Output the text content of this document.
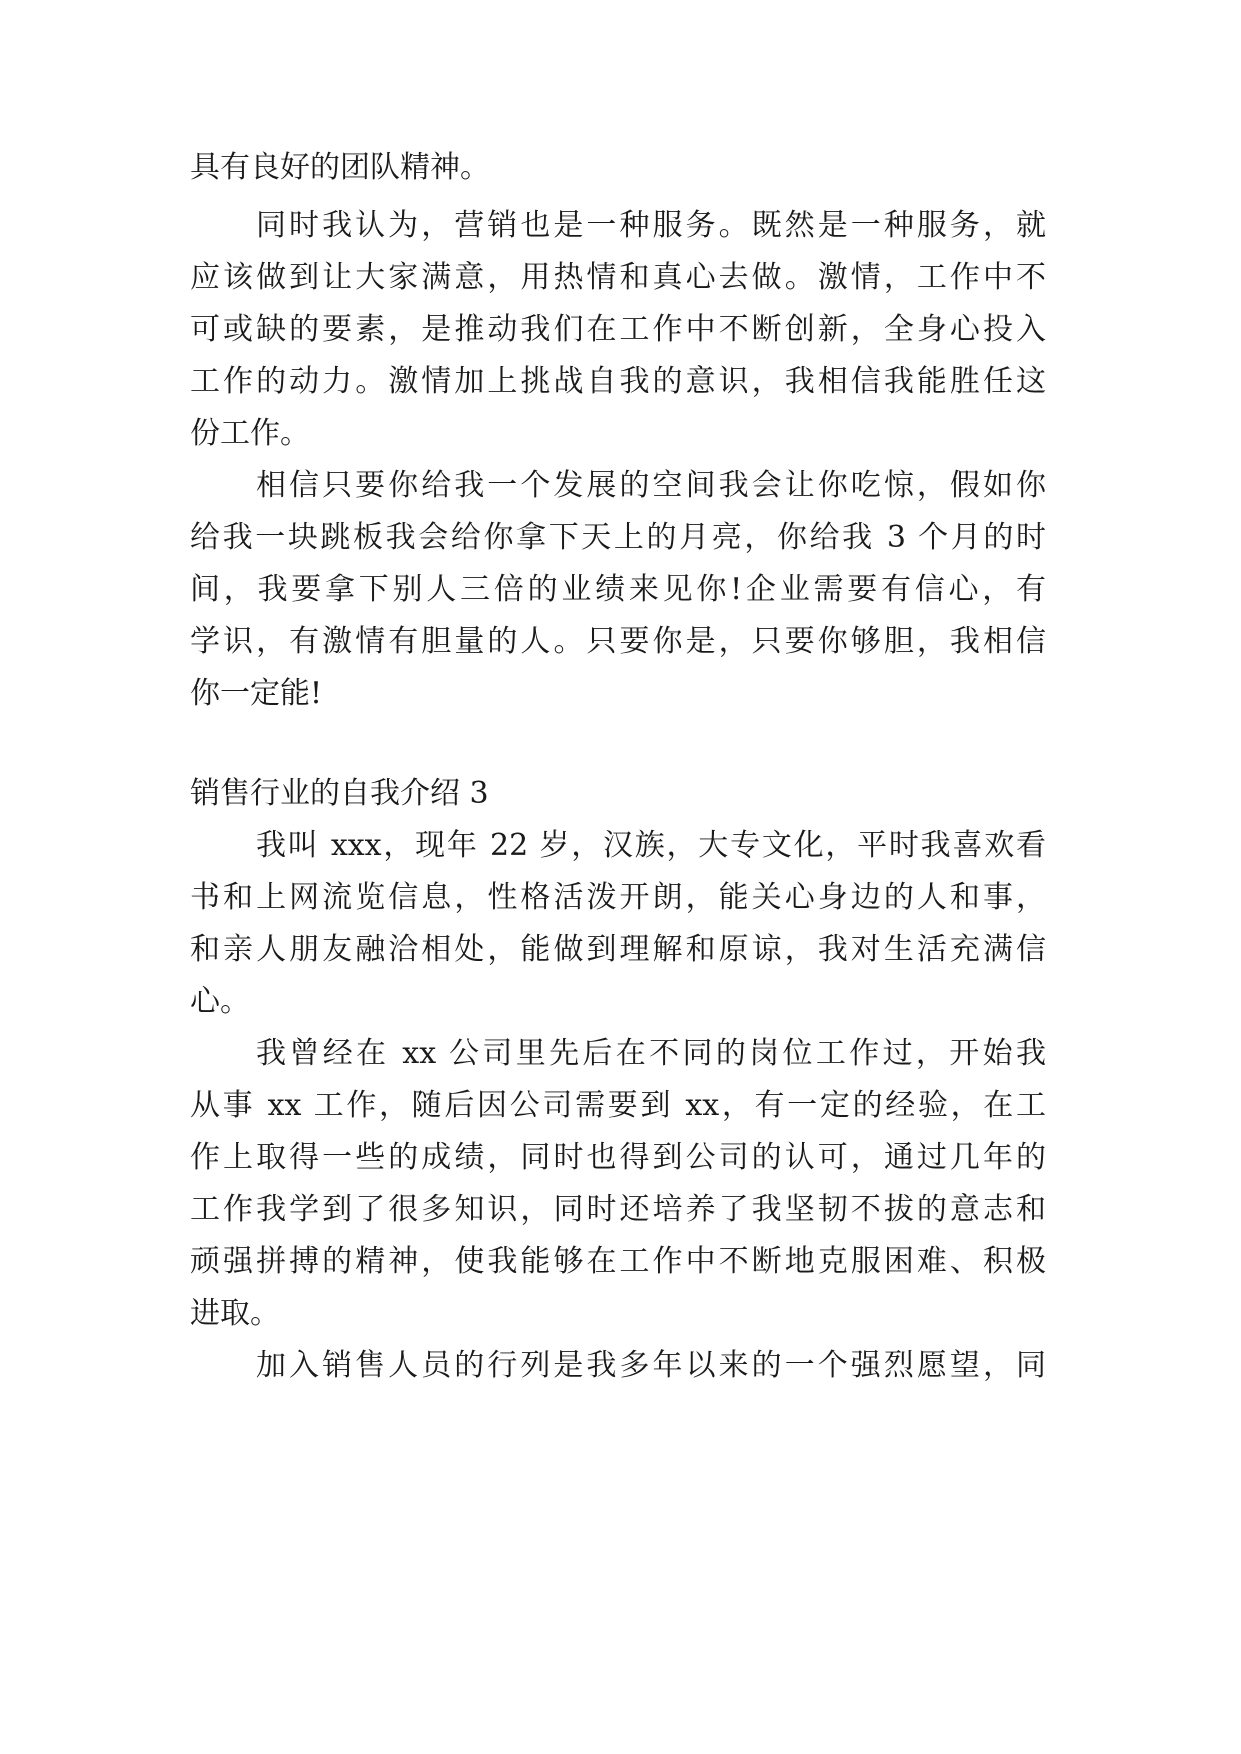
具有良好的团队精神。

同时我认为，营销也是一种服务。既然是一种服务，就

应该做到让大家满意，用热情和真心去做。激情，工作中不

可或缺的要素，是推动我们在工作中不断创新，全身心投入

工作的动力。激情加上挑战自我的意识，我相信我能胜任这

份工作。

相信只要你给我一个发展的空间我会让你吃惊，假如你

给我一块跳板我会给你拿下天上的月亮，你给我 3 个月的时

间，我要拿下别人三倍的业绩来见你!企业需要有信心，有

学识，有激情有胆量的人。只要你是，只要你够胆，我相信

你一定能!

销售行业的自我介绍 3

我叫 xxx，现年 22 岁，汉族，大专文化，平时我喜欢看

书和上网流览信息，性格活泼开朗，能关心身边的人和事，

和亲人朋友融洽相处，能做到理解和原谅，我对生活充满信

心。

我曾经在 xx 公司里先后在不同的岗位工作过，开始我

从事 xx 工作，随后因公司需要到 xx，有一定的经验，在工

作上取得一些的成绩，同时也得到公司的认可，通过几年的

工作我学到了很多知识，同时还培养了我坚韧不拔的意志和

顽强拼搏的精神，使我能够在工作中不断地克服困难、积极

进取。

加入销售人员的行列是我多年以来的一个强烈愿望，同
